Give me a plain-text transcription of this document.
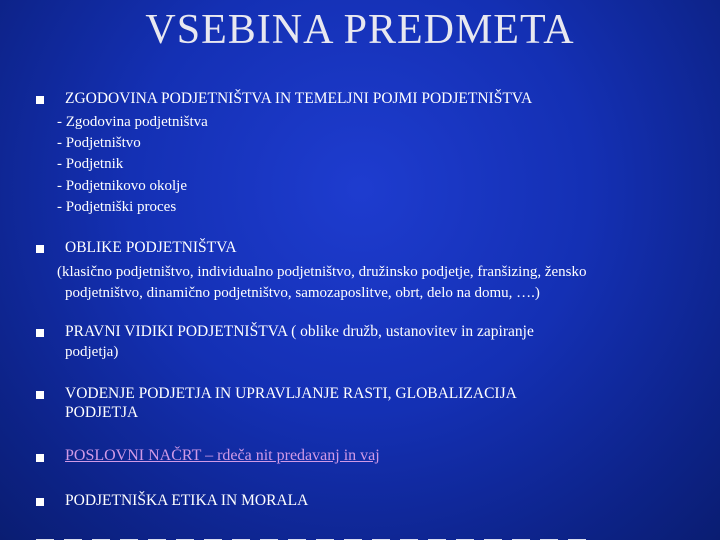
VSEBINA PREDMETA
ZGODOVINA PODJETNIŠTVA IN TEMELJNI POJMI PODJETNIŠTVA
- Zgodovina podjetništva
- Podjetništvo
- Podjetnik
- Podjetnikovo okolje
- Podjetniški proces
OBLIKE PODJETNIŠTVA
(klasično podjetništvo, individualno podjetništvo, družinsko podjetje, franšizing, žensko
podjetništvo, dinamično podjetništvo, samozaposlitve, obrt, delo na domu, ….)
PRAVNI VIDIKI PODJETNIŠTVA ( oblike družb, ustanovitev in zapiranje
podjetja)
VODENJE PODJETJA IN UPRAVLJANJE RASTI, GLOBALIZACIJA
PODJETJA
POSLOVNI NAČRT – rdeča nit predavanj in vaj
PODJETNIŠKA ETIKA IN MORALA
